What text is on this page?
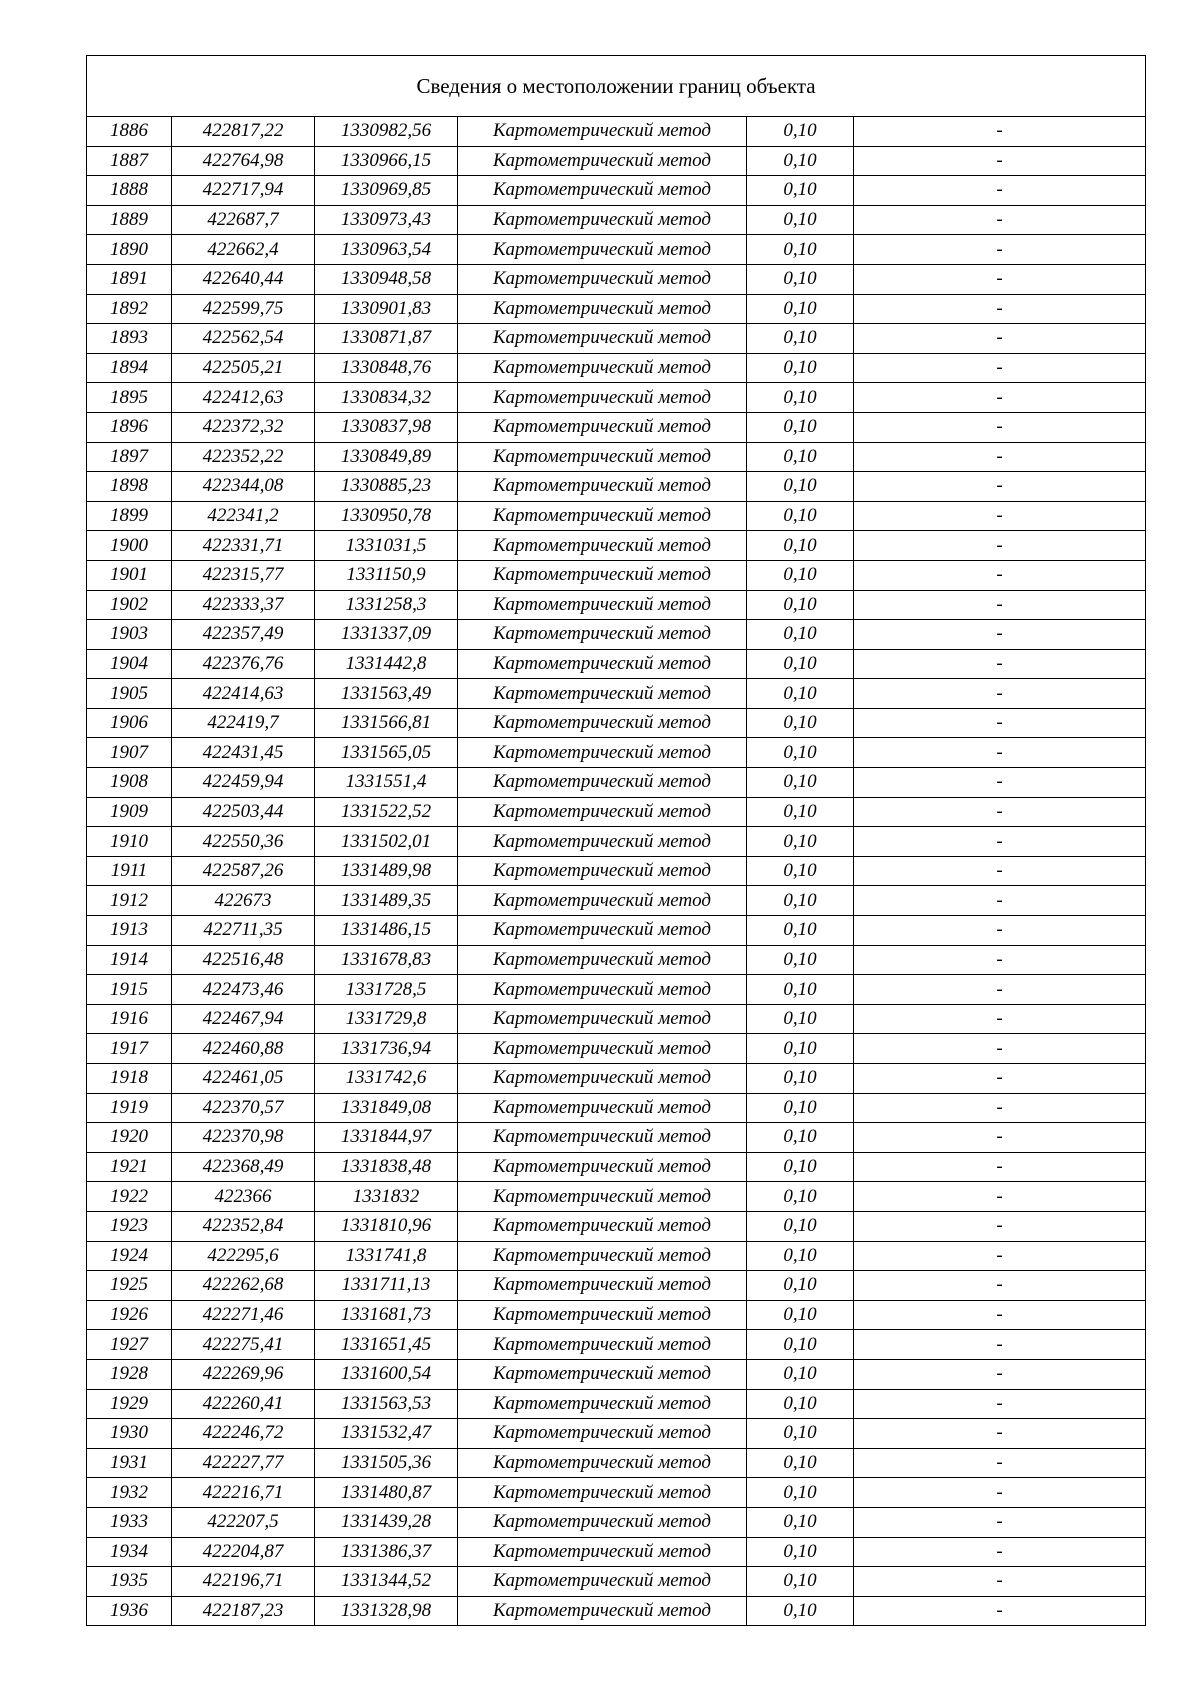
Сведения о местоположении границ объекта					
1886	422817,22	1330982,56	Картометрический метод	0,10	-
1887	422764,98	1330966,15	Картометрический метод	0,10	-
1888	422717,94	1330969,85	Картометрический метод	0,10	-
1889	422687,7	1330973,43	Картометрический метод	0,10	-
1890	422662,4	1330963,54	Картометрический метод	0,10	-
1891	422640,44	1330948,58	Картометрический метод	0,10	-
1892	422599,75	1330901,83	Картометрический метод	0,10	-
1893	422562,54	1330871,87	Картометрический метод	0,10	-
1894	422505,21	1330848,76	Картометрический метод	0,10	-
1895	422412,63	1330834,32	Картометрический метод	0,10	-
1896	422372,32	1330837,98	Картометрический метод	0,10	-
1897	422352,22	1330849,89	Картометрический метод	0,10	-
1898	422344,08	1330885,23	Картометрический метод	0,10	-
1899	422341,2	1330950,78	Картометрический метод	0,10	-
1900	422331,71	1331031,5	Картометрический метод	0,10	-
1901	422315,77	1331150,9	Картометрический метод	0,10	-
1902	422333,37	1331258,3	Картометрический метод	0,10	-
1903	422357,49	1331337,09	Картометрический метод	0,10	-
1904	422376,76	1331442,8	Картометрический метод	0,10	-
1905	422414,63	1331563,49	Картометрический метод	0,10	-
1906	422419,7	1331566,81	Картометрический метод	0,10	-
1907	422431,45	1331565,05	Картометрический метод	0,10	-
1908	422459,94	1331551,4	Картометрический метод	0,10	-
1909	422503,44	1331522,52	Картометрический метод	0,10	-
1910	422550,36	1331502,01	Картометрический метод	0,10	-
1911	422587,26	1331489,98	Картометрический метод	0,10	-
1912	422673	1331489,35	Картометрический метод	0,10	-
1913	422711,35	1331486,15	Картометрический метод	0,10	-
1914	422516,48	1331678,83	Картометрический метод	0,10	-
1915	422473,46	1331728,5	Картометрический метод	0,10	-
1916	422467,94	1331729,8	Картометрический метод	0,10	-
1917	422460,88	1331736,94	Картометрический метод	0,10	-
1918	422461,05	1331742,6	Картометрический метод	0,10	-
1919	422370,57	1331849,08	Картометрический метод	0,10	-
1920	422370,98	1331844,97	Картометрический метод	0,10	-
1921	422368,49	1331838,48	Картометрический метод	0,10	-
1922	422366	1331832	Картометрический метод	0,10	-
1923	422352,84	1331810,96	Картометрический метод	0,10	-
1924	422295,6	1331741,8	Картометрический метод	0,10	-
1925	422262,68	1331711,13	Картометрический метод	0,10	-
1926	422271,46	1331681,73	Картометрический метод	0,10	-
1927	422275,41	1331651,45	Картометрический метод	0,10	-
1928	422269,96	1331600,54	Картометрический метод	0,10	-
1929	422260,41	1331563,53	Картометрический метод	0,10	-
1930	422246,72	1331532,47	Картометрический метод	0,10	-
1931	422227,77	1331505,36	Картометрический метод	0,10	-
1932	422216,71	1331480,87	Картометрический метод	0,10	-
1933	422207,5	1331439,28	Картометрический метод	0,10	-
1934	422204,87	1331386,37	Картометрический метод	0,10	-
1935	422196,71	1331344,52	Картометрический метод	0,10	-
1936	422187,23	1331328,98	Картометрический метод	0,10	-
